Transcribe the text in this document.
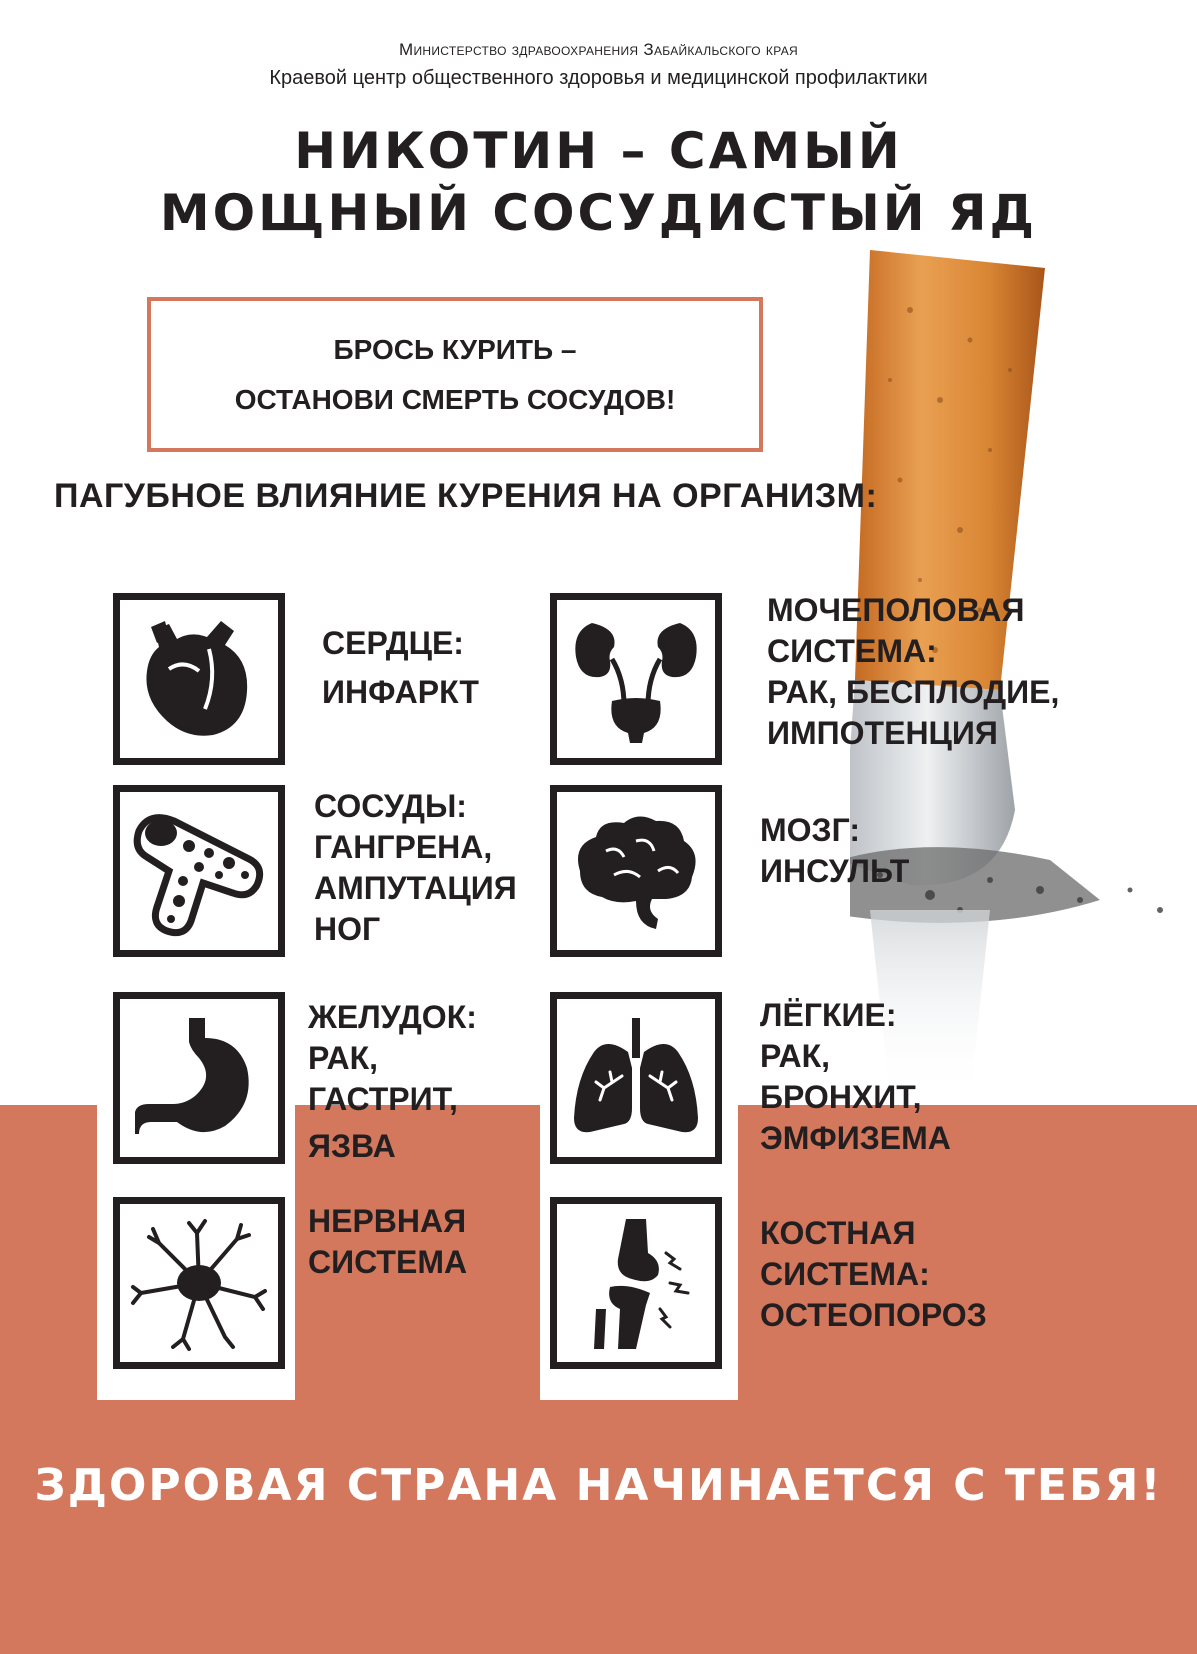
Министерство здравоохранения Забайкальского края
Краевой центр общественного здоровья и медицинской профилактики
НИКОТИН – САМЫЙ
МОЩНЫЙ СОСУДИСТЫЙ ЯД
БРОСЬ КУРИТЬ –
ОСТАНОВИ СМЕРТЬ СОСУДОВ!
ПАГУБНОЕ ВЛИЯНИЕ КУРЕНИЯ НА ОРГАНИЗМ:
СЕРДЦЕ:
ИНФАРКТ
СОСУДЫ:
ГАНГРЕНА,
АМПУТАЦИЯ
НОГ
ЖЕЛУДОК:
РАК,
ГАСТРИТ,
ЯЗВА
НЕРВНАЯ
СИСТЕМА
МОЧЕПОЛОВАЯ
СИСТЕМА:
РАК, БЕСПЛОДИЕ,
ИМПОТЕНЦИЯ
МОЗГ:
ИНСУЛЬТ
ЛЁГКИЕ:
РАК,
БРОНХИТ,
ЭМФИЗЕМА
КОСТНАЯ
СИСТЕМА:
ОСТЕОПОРОЗ
ЗДОРОВАЯ СТРАНА НАЧИНАЕТСЯ С ТЕБЯ!
